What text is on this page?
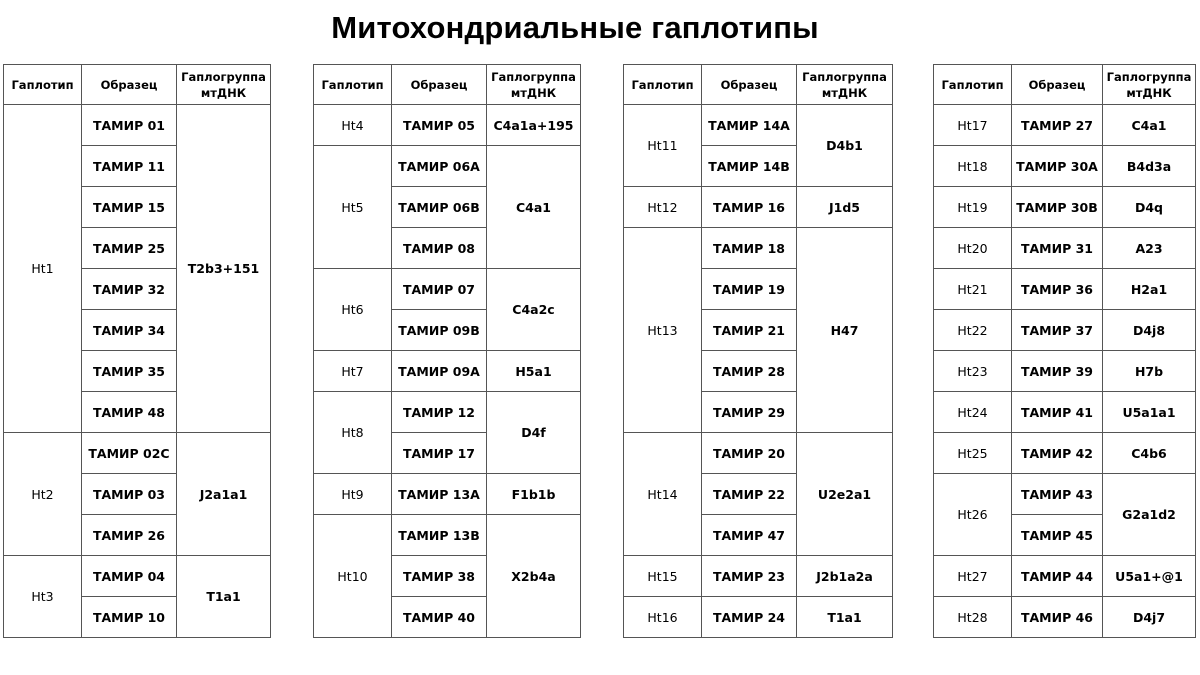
Митохондриальные гаплотипы
Гаплотип	Образец	Гаплогруппа мтДНК
Ht1	ТАМИР 01	T2b3+151
	ТАМИР 11	
	ТАМИР 15	
	ТАМИР 25	
	ТАМИР 32	
	ТАМИР 34	
	ТАМИР 35	
	ТАМИР 48	
Ht2	ТАМИР 02С	J2a1a1
	ТАМИР 03	
	ТАМИР 26	
Ht3	ТАМИР 04	T1a1
	ТАМИР 10	
Гаплотип	Образец	Гаплогруппа мтДНК
Ht4	ТАМИР 05	C4a1a+195
Ht5	ТАМИР 06А	C4a1
	ТАМИР 06В	
	ТАМИР 08	
Ht6	ТАМИР 07	C4a2c
	ТАМИР 09В	
Ht7	ТАМИР 09А	H5a1
Ht8	ТАМИР 12	D4f
	ТАМИР 17	
Ht9	ТАМИР 13А	F1b1b
Ht10	ТАМИР 13В	X2b4a
	ТАМИР 38	
	ТАМИР 40	
Гаплотип	Образец	Гаплогруппа мтДНК
Ht11	ТАМИР 14А	D4b1
	ТАМИР 14В	
Ht12	ТАМИР 16	J1d5
Ht13	ТАМИР 18	H47
	ТАМИР 19	
	ТАМИР 21	
	ТАМИР 28	
	ТАМИР 29	
Ht14	ТАМИР 20	U2e2a1
	ТАМИР 22	
	ТАМИР 47	
Ht15	ТАМИР 23	J2b1a2a
Ht16	ТАМИР 24	T1a1
Гаплотип	Образец	Гаплогруппа мтДНК
Ht17	ТАМИР 27	C4a1
Ht18	ТАМИР 30А	B4d3a
Ht19	ТАМИР 30В	D4q
Ht20	ТАМИР 31	A23
Ht21	ТАМИР 36	H2a1
Ht22	ТАМИР 37	D4j8
Ht23	ТАМИР 39	H7b
Ht24	ТАМИР 41	U5a1a1
Ht25	ТАМИР 42	C4b6
Ht26	ТАМИР 43	G2a1d2
	ТАМИР 45	
Ht27	ТАМИР 44	U5a1+@1
Ht28	ТАМИР 46	D4j7
